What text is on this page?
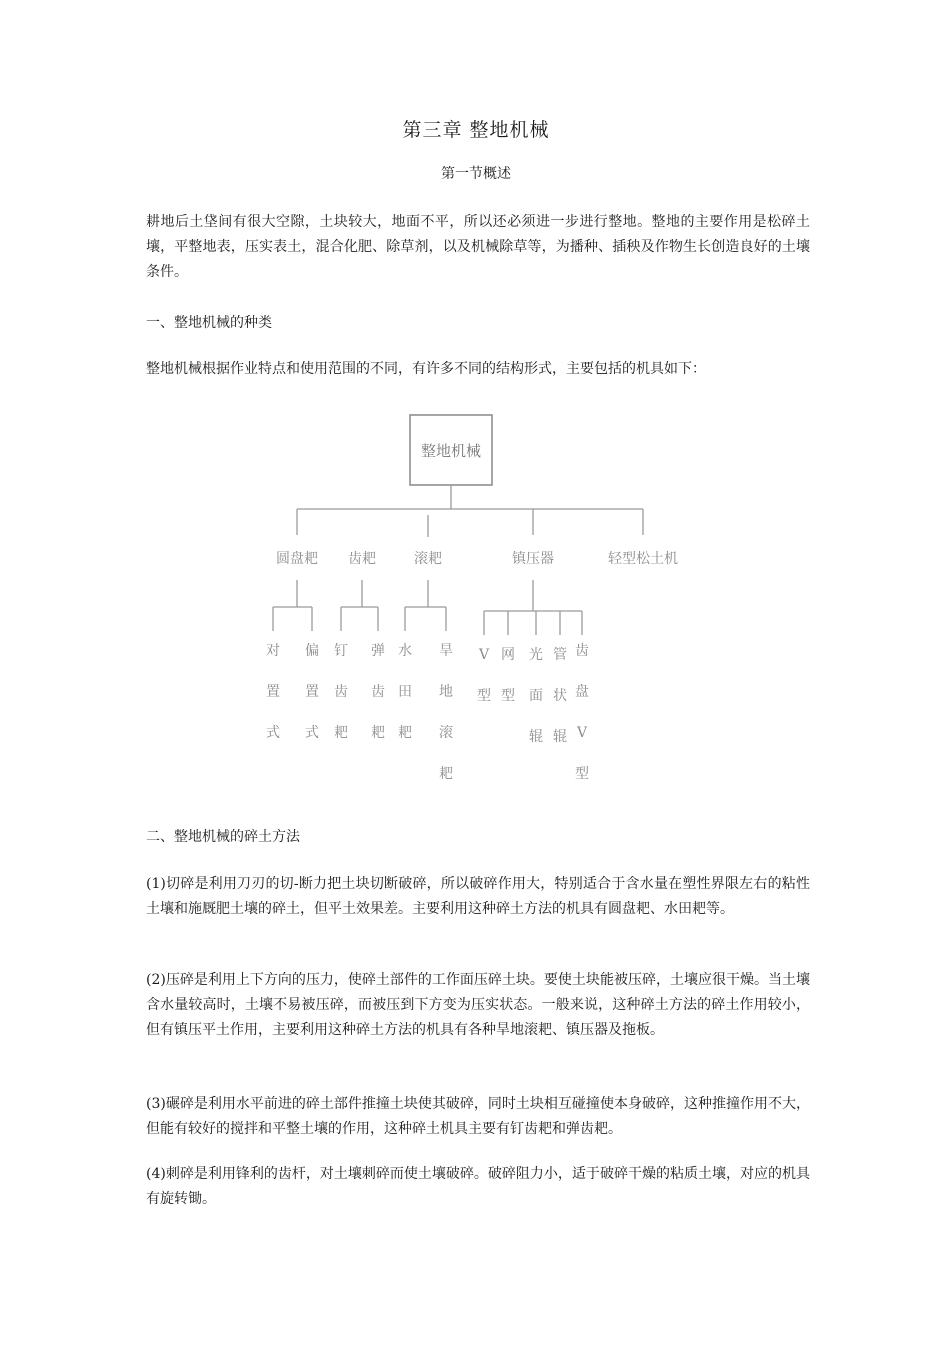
第三章 整地机械
第一节概述

耕地后土垡间有很大空隙，土块较大，地面不平，所以还必须进一步进行整地。整地的主要作用是松碎土壤，平整地表，压实表土，混合化肥、除草剂，以及机械除草等，为播种、插秧及作物生长创造良好的土壤条件。

一、整地机械的种类

整地机械根据作业特点和使用范围的不同，有许多不同的结构形式，主要包括的机具如下：

整地机械
圆盘耙 齿耙	滚耙	镇压器	轻型松土机
对置式
偏置式
钉齿耙
弹齿耙
水田耙
旱地滚耙
V 型
网型
光面辊
管状辊
齿盘 V 型

二、整地机械的碎土方法

(1)切碎是利用刀刃的切-断力把土块切断破碎，所以破碎作用大，特别适合于含水量在塑性界限左右的粘性土壤和施厩肥土壤的碎土，但平土效果差。主要利用这种碎土方法的机具有圆盘耙、水田耙等。

(2)压碎是利用上下方向的压力，使碎土部件的工作面压碎土块。要使土块能被压碎，土壤应很干燥。当土壤含水量较高时，土壤不易被压碎，而被压到下方变为压实状态。一般来说，这种碎土方法的碎土作用较小，但有镇压平土作用，主要利用这种碎土方法的机具有各种旱地滚耙、镇压器及拖板。

(3)碾碎是利用水平前进的碎土部件推撞土块使其破碎，同时土块相互碰撞使本身破碎，这种推撞作用不大，但能有较好的搅拌和平整土壤的作用，这种碎土机具主要有钉齿耙和弹齿耙。

(4)刺碎是利用锋利的齿杆，对土壤刺碎而使土壤破碎。破碎阻力小，适于破碎干燥的粘质土壤，对应的机具有旋转锄。
